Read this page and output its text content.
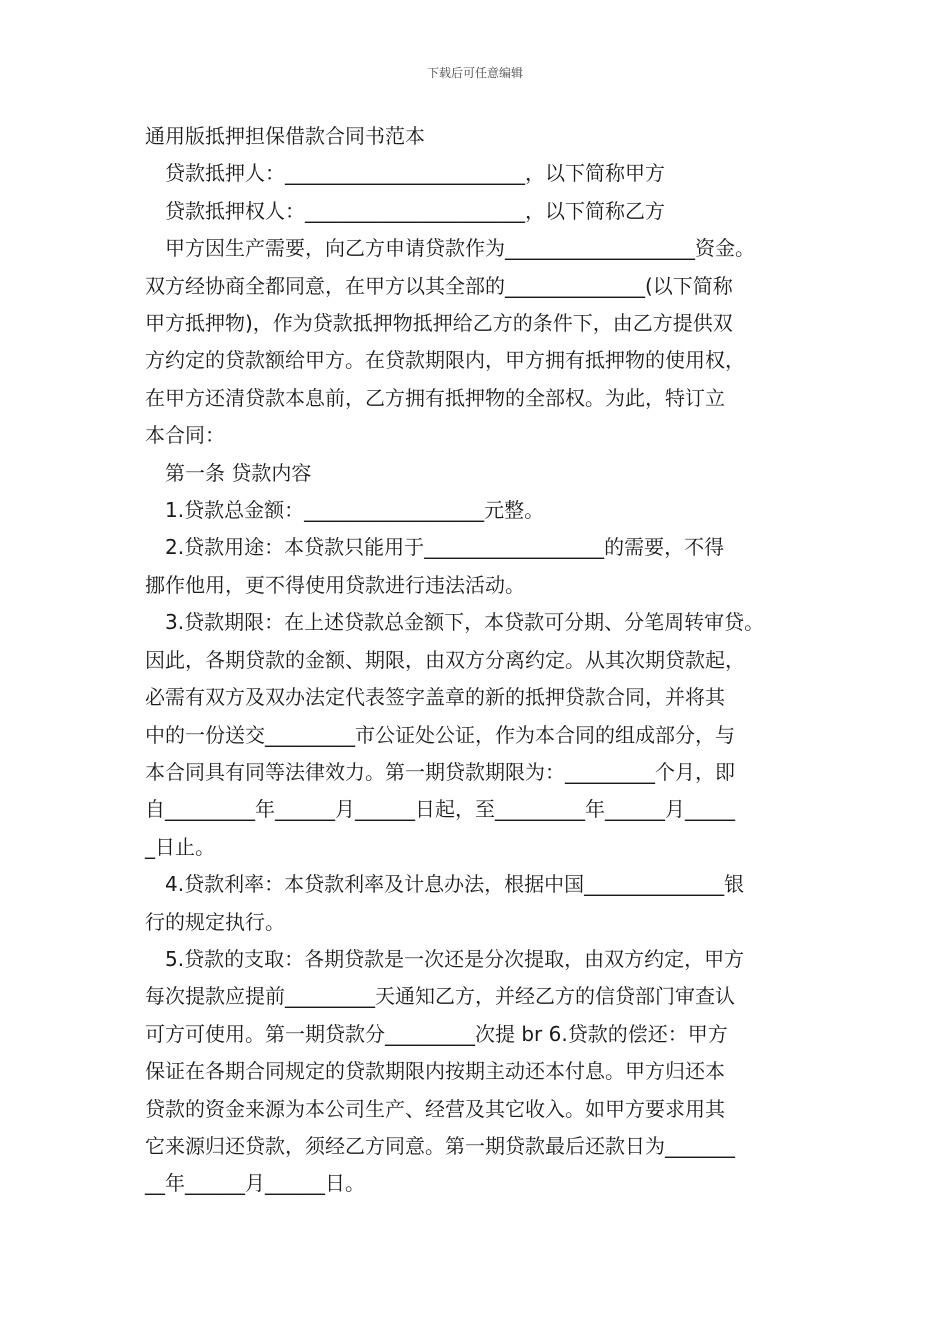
下载后可任意编辑

通用版抵押担保借款合同书范本

　贷款抵押人：________________________，以下简称甲方

　贷款抵押权人：______________________，以下简称乙方

　甲方因生产需要，向乙方申请贷款作为___________________资金。

双方经协商全都同意，在甲方以其全部的______________(以下简称

甲方抵押物)，作为贷款抵押物抵押给乙方的条件下，由乙方提供双

方约定的贷款额给甲方。在贷款期限内，甲方拥有抵押物的使用权，

在甲方还清贷款本息前，乙方拥有抵押物的全部权。为此，特订立

本合同：

　第一条 贷款内容

　1.贷款总金额：__________________元整。

　2.贷款用途：本贷款只能用于__________________的需要，不得

挪作他用，更不得使用贷款进行违法活动。

　3.贷款期限：在上述贷款总金额下，本贷款可分期、分笔周转审贷。

因此，各期贷款的金额、期限，由双方分离约定。从其次期贷款起，

必需有双方及双办法定代表签字盖章的新的抵押贷款合同，并将其

中的一份送交_________市公证处公证，作为本合同的组成部分，与

本合同具有同等法律效力。第一期贷款期限为：_________个月，即

自_________年______月______日起，至_________年______月_____

_日止。

　4.贷款利率：本贷款利率及计息办法，根据中国______________银

行的规定执行。

　5.贷款的支取：各期贷款是一次还是分次提取，由双方约定，甲方

每次提款应提前_________天通知乙方，并经乙方的信贷部门审查认

可方可使用。第一期贷款分_________次提 br 6.贷款的偿还：甲方

保证在各期合同规定的贷款期限内按期主动还本付息。甲方归还本

贷款的资金来源为本公司生产、经营及其它收入。如甲方要求用其

它来源归还贷款，须经乙方同意。第一期贷款最后还款日为_______

__年______月______日。
